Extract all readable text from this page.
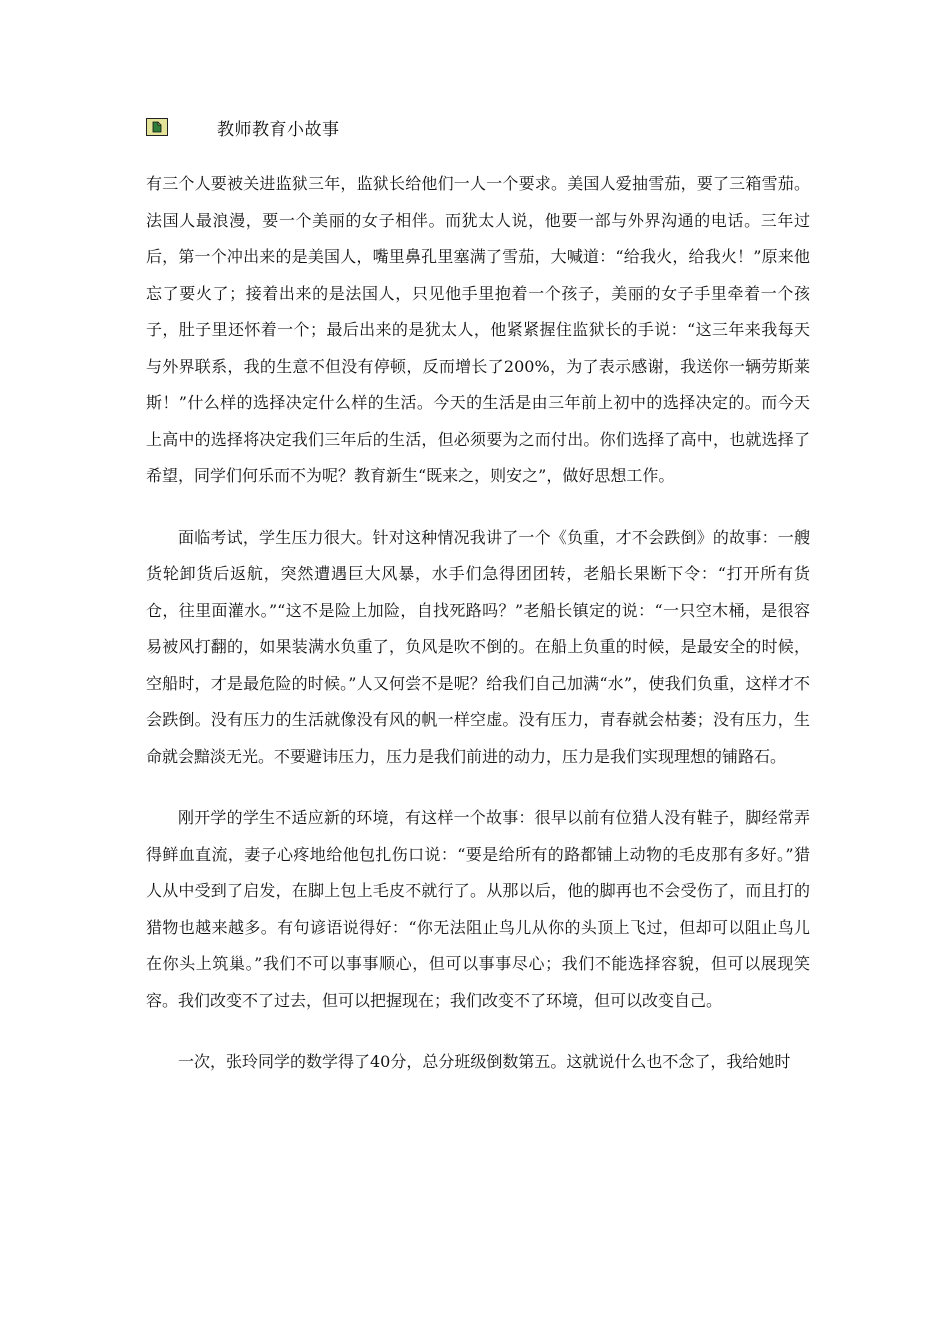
教师教育小故事

有三个人要被关进监狱三年，监狱长给他们一人一个要求。美国人爱抽雪茄，要了三箱雪茄。法国人最浪漫，要一个美丽的女子相伴。而犹太人说，他要一部与外界沟通的电话。三年过后，第一个冲出来的是美国人，嘴里鼻孔里塞满了雪茄，大喊道：“给我火，给我火！”原来他忘了要火了；接着出来的是法国人，只见他手里抱着一个孩子，美丽的女子手里牵着一个孩子，肚子里还怀着一个；最后出来的是犹太人，他紧紧握住监狱长的手说：“这三年来我每天与外界联系，我的生意不但没有停顿，反而增长了200%，为了表示感谢，我送你一辆劳斯莱斯！”什么样的选择决定什么样的生活。今天的生活是由三年前上初中的选择决定的。而今天上高中的选择将决定我们三年后的生活，但必须要为之而付出。你们选择了高中，也就选择了希望，同学们何乐而不为呢？教育新生“既来之，则安之”，做好思想工作。

面临考试，学生压力很大。针对这种情况我讲了一个《负重，才不会跌倒》的故事：一艘货轮卸货后返航，突然遭遇巨大风暴，水手们急得团团转，老船长果断下令：“打开所有货仓，往里面灌水。”“这不是险上加险，自找死路吗？”老船长镇定的说：“一只空木桶，是很容易被风打翻的，如果装满水负重了，负风是吹不倒的。在船上负重的时候，是最安全的时候，空船时，才是最危险的时候。”人又何尝不是呢？给我们自己加满“水”，使我们负重，这样才不会跌倒。没有压力的生活就像没有风的帆一样空虚。没有压力，青春就会枯萎；没有压力，生命就会黯淡无光。不要避讳压力，压力是我们前进的动力，压力是我们实现理想的铺路石。

刚开学的学生不适应新的环境，有这样一个故事：很早以前有位猎人没有鞋子，脚经常弄得鲜血直流，妻子心疼地给他包扎伤口说：“要是给所有的路都铺上动物的毛皮那有多好。”猎人从中受到了启发，在脚上包上毛皮不就行了。从那以后，他的脚再也不会受伤了，而且打的猎物也越来越多。有句谚语说得好：“你无法阻止鸟儿从你的头顶上飞过，但却可以阻止鸟儿在你头上筑巢。”我们不可以事事顺心，但可以事事尽心；我们不能选择容貌，但可以展现笑容。我们改变不了过去，但可以把握现在；我们改变不了环境，但可以改变自己。

一次，张玲同学的数学得了40分，总分班级倒数第五。这就说什么也不念了，我给她时
